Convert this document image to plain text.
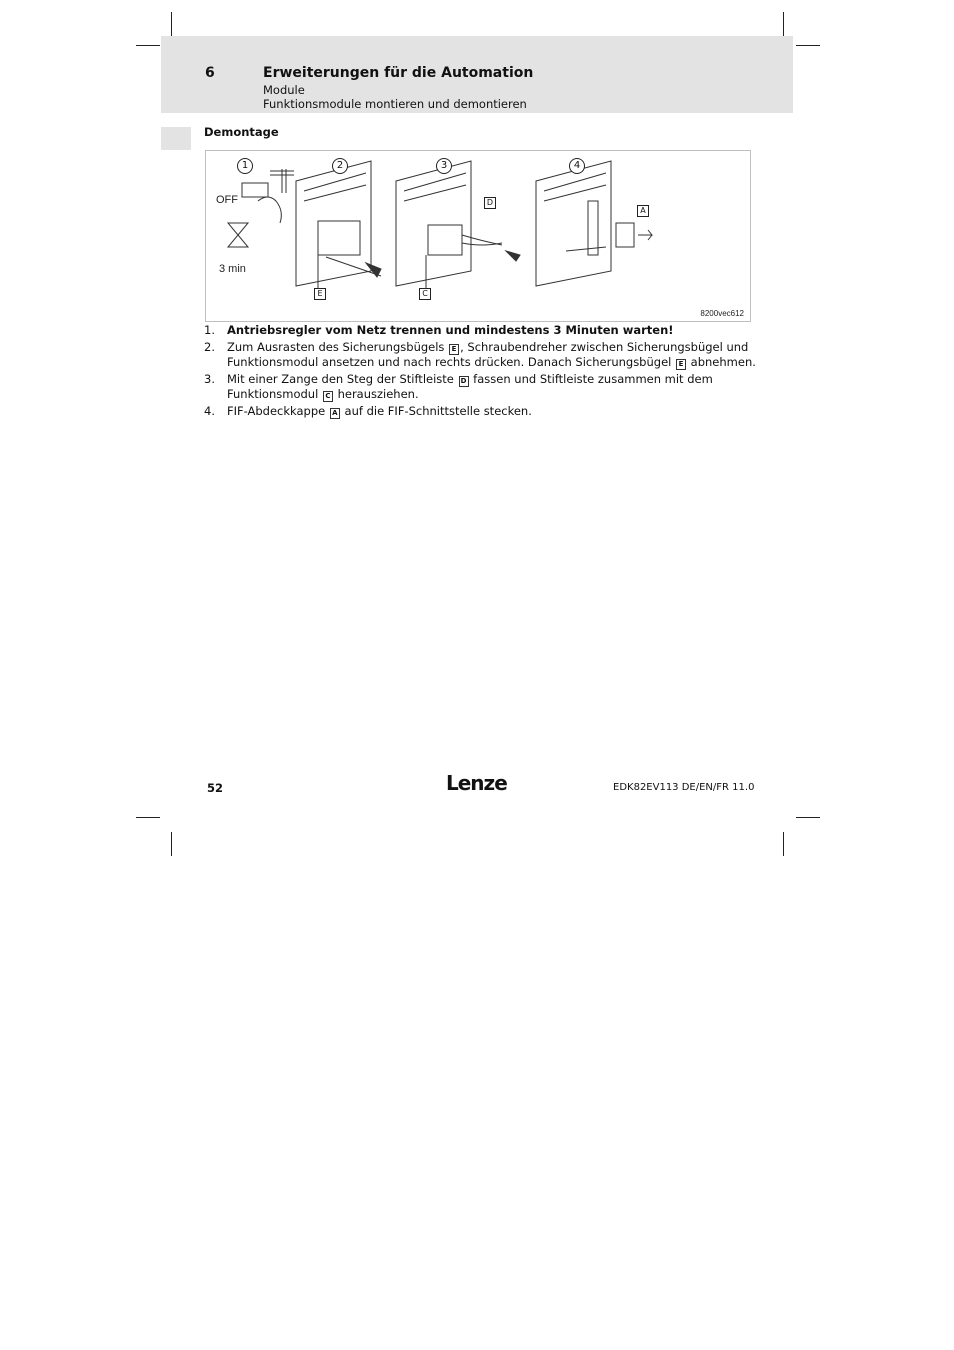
6	Erweiterungen für die Automation
Module
Funktionsmodule montieren und demontieren
Demontage
1	2	3	4
OFF
3 min
E	C
D
A
8200vec612
1. Antriebsregler vom Netz trennen und mindestens 3 Minuten warten!
2. Zum Ausrasten des Sicherungsbügels E , Schraubendreher zwischen Sicherungsbügel und Funktionsmodul ansetzen und nach rechts drücken. Danach Sicherungsbügel E abnehmen.
3. Mit einer Zange den Steg der Stiftleiste D fassen und Stiftleiste zusammen mit dem Funktionsmodul C herausziehen.
4. FIF-Abdeckkappe A auf die FIF-Schnittstelle stecken.
52	Lenze	EDK82EV113 DE/EN/FR 11.0
